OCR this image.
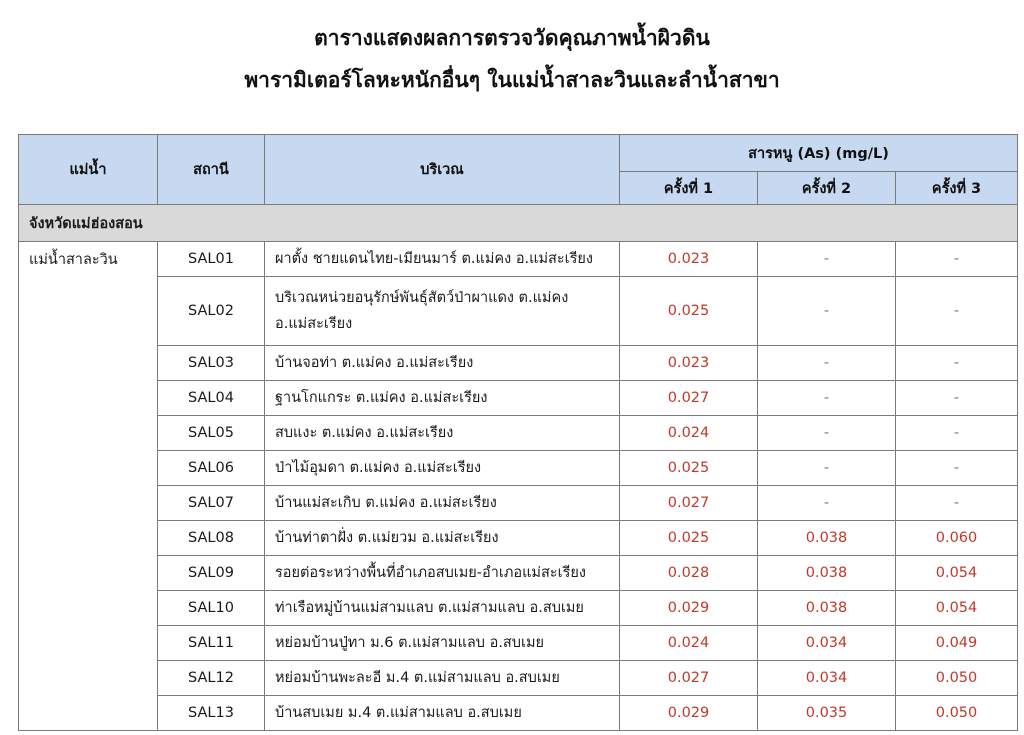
ตารางแสดงผลการตรวจวัดคุณภาพน้ำผิวดิน
พารามิเตอร์โลหะหนักอื่นๆ ในแม่น้ำสาละวินและลำน้ำสาขา
แม่น้ำ	สถานี	บริเวณ	สารหนู (As) (mg/L)		
			ครั้งที่ 1	ครั้งที่ 2	ครั้งที่ 3
จังหวัดแม่ฮ่องสอน					
แม่น้ำสาละวิน	SAL01	ผาตั้ง ชายแดนไทย-เมียนมาร์ ต.แม่คง อ.แม่สะเรียง	0.023	-	-
	SAL02	บริเวณหน่วยอนุรักษ์พันธุ์สัตว์ป่าผาแดง ต.แม่คง อ.แม่สะเรียง	0.025	-	-
	SAL03	บ้านจอท่า ต.แม่คง อ.แม่สะเรียง	0.023	-	-
	SAL04	ฐานโกแกระ ต.แม่คง อ.แม่สะเรียง	0.027	-	-
	SAL05	สบแงะ ต.แม่คง อ.แม่สะเรียง	0.024	-	-
	SAL06	ป่าไม้อุมดา ต.แม่คง อ.แม่สะเรียง	0.025	-	-
	SAL07	บ้านแม่สะเกิบ ต.แม่คง อ.แม่สะเรียง	0.027	-	-
	SAL08	บ้านท่าตาฝั่ง ต.แม่ยวม อ.แม่สะเรียง	0.025	0.038	0.060
	SAL09	รอยต่อระหว่างพื้นที่อำเภอสบเมย-อำเภอแม่สะเรียง	0.028	0.038	0.054
	SAL10	ท่าเรือหมู่บ้านแม่สามแลบ ต.แม่สามแลบ อ.สบเมย	0.029	0.038	0.054
	SAL11	หย่อมบ้านปู่ทา ม.6 ต.แม่สามแลบ อ.สบเมย	0.024	0.034	0.049
	SAL12	หย่อมบ้านพะละอี ม.4 ต.แม่สามแลบ อ.สบเมย	0.027	0.034	0.050
	SAL13	บ้านสบเมย ม.4 ต.แม่สามแลบ อ.สบเมย	0.029	0.035	0.050
